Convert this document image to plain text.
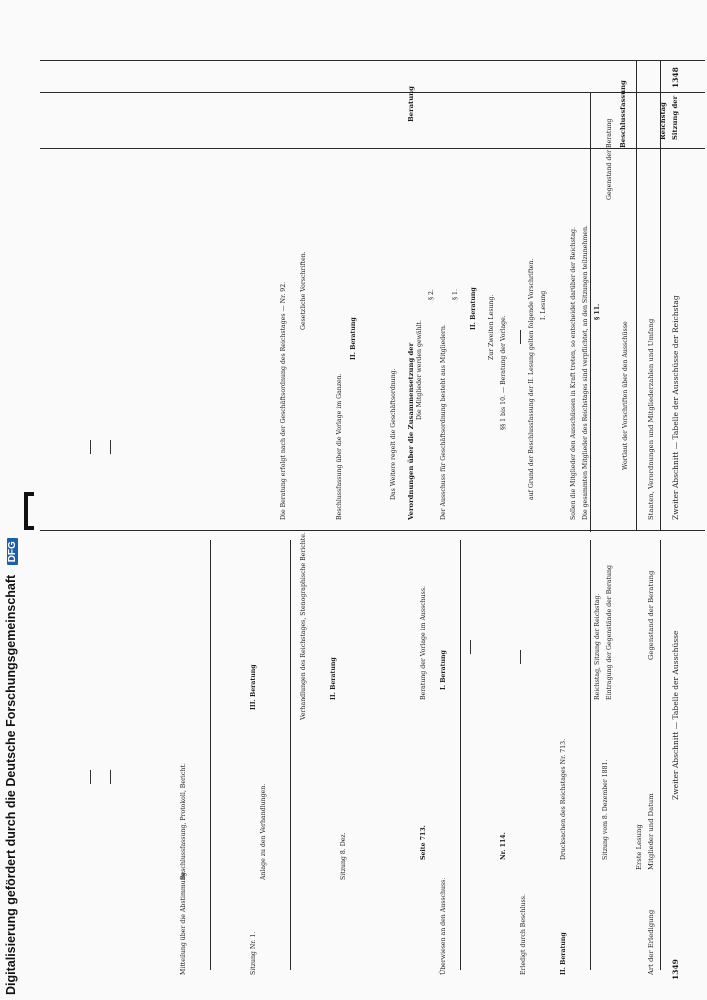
Digitalisierung gefördert durch die Deutsche Forschungsgemeinschaft DFG
1348
Zweiter Abschnitt — Tabelle der Ausschüsse der Reichstag
Staaten, Verordnungen und Mitgliederzahlen und Umfang
Wortlaut der Vorschriften über den Ausschüsse
1349
Zweiter Abschnitt — Tabelle der Ausschüsse
Gegenstand der Beratung
Mitglieder und Datum
Erste Lesung
Art der Erledigung
Sitzung der
Reichstag
Beschlussfassung
Verordnungen über die Zusammensetzung der
Beratung
Gegenstand der Beratung
§ 11.
Die gesammten Mitglieder des Reichstages sind verpflichtet, an den Sitzungen teilzunehmen.
Sollen die Mitglieder den Ausschüssen in Kraft treten, so entscheidet darüber der Reichstag.
I. Lesung
auf Grund der Beschlussfassung der II. Lesung gelten folgende Vorschriften.
§§ 1 bis 10. — Beratung der Vorlage.
Zur Zweiten Lesung.
II. Beratung
§ 1.
Der Ausschuss für Geschäftsordnung besteht aus Mitgliedern.
§ 2.
Die Mitglieder werden gewählt.
Das Weitere regelt die Geschäftsordnung.
II. Beratung
Beschlussfassung über die Vorlage im Ganzen.
Gesetzliche Vorschriften.
Die Beratung erfolgt nach der Geschäftsordnung des Reichstages — Nr. 92.
Eintragung der Gegenstände der Beratung
Reichstag, Sitzung der Reichstag.
I. Beratung
Beratung der Vorlage im Ausschuss.
II. Beratung
Verhandlungen des Reichstages, Stenographische Berichte.
III. Beratung
Sitzung vom 8. Dezember 1881.
Drucksachen des Reichstages Nr. 713.
Nr. 114.
Seite 713.
Sitzung 8. Dez.
Anlage zu den Verhandlungen.
Beschlussfassung, Protokoll, Bericht.
II. Beratung
Erledigt durch Beschluss.
Überwiesen an den Ausschuss.
Sitzung Nr. 1.
Mitteilung über die Abstimmung.
